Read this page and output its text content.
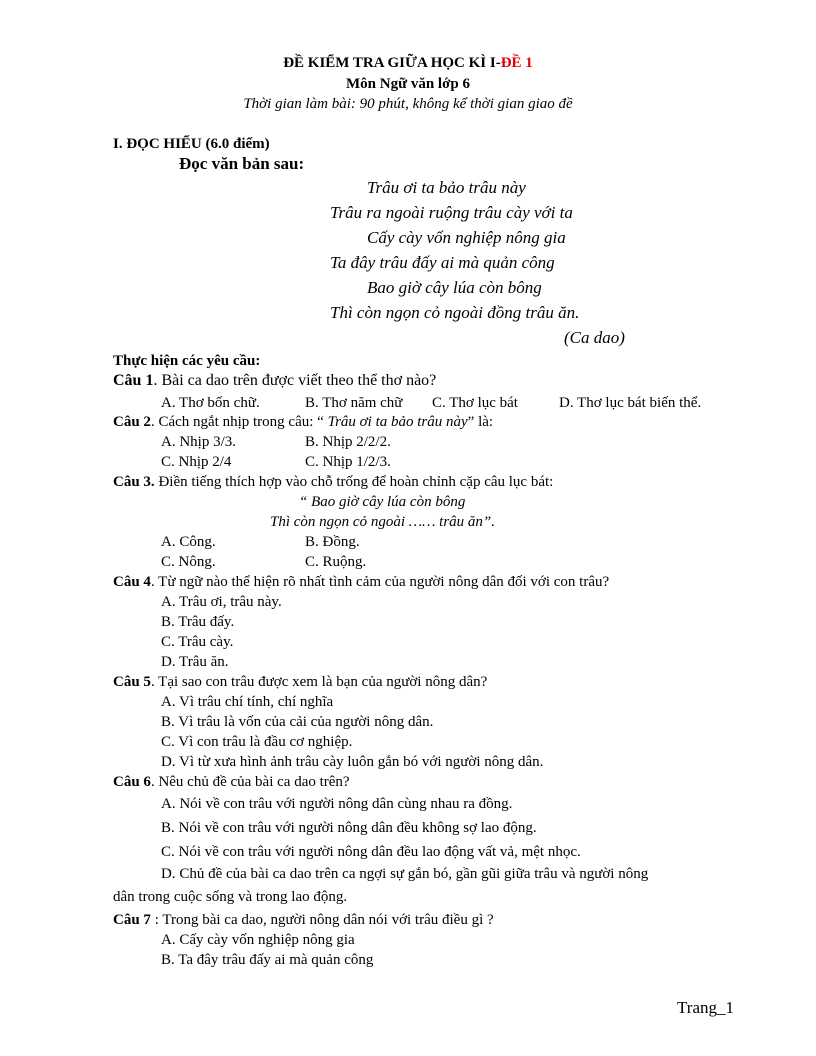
ĐỀ KIỂM TRA GIỮA HỌC KÌ I-ĐỀ 1
Môn Ngữ văn lớp 6
Thời gian làm bài: 90 phút, không kể thời gian giao đề
I. ĐỌC HIỂU (6.0 điểm)
Đọc văn bản sau:
Trâu ơi ta bảo trâu này
Trâu ra ngoài ruộng trâu cày với ta
Cấy cày vốn nghiệp nông gia
Ta đây trâu đấy ai mà quản công
Bao giờ cây lúa còn bông
Thì còn ngọn cỏ ngoài đồng trâu ăn.
(Ca dao)
Thực hiện các yêu cầu:
Câu 1. Bài ca dao trên được viết theo thể thơ nào?
A. Thơ bốn chữ.	B. Thơ năm chữ C. Thơ lục bát	D. Thơ lục bát biến thể.
Câu 2. Cách ngắt nhịp trong câu: “ Trâu ơi ta bảo trâu này” là:
A. Nhịp 3/3.	B. Nhịp 2/2/2.
C. Nhịp 2/4	C. Nhịp 1/2/3.
Câu 3. Điền tiếng thích hợp vào chỗ trống để hoàn chỉnh cặp câu lục bát:
“ Bao giờ cây lúa còn bông
Thì còn ngọn cỏ ngoài …… trâu ăn”.
A. Công.	B. Đồng.
C. Nông.	C. Ruộng.
Câu 4. Từ ngữ nào thể hiện rõ nhất tình cảm của người nông dân đối với con trâu?
A. Trâu ơi, trâu này.
B. Trâu đấy.
C. Trâu cày.
D. Trâu ăn.
Câu 5. Tại sao con trâu được xem là bạn của người nông dân?
A. Vì trâu chí tính, chí nghĩa
B. Vì trâu là vốn của cải của người nông dân.
C. Vì con trâu là đầu cơ nghiệp.
D. Vì từ xưa hình ảnh trâu cày luôn gắn bó với người nông dân.
Câu 6. Nêu chủ đề của bài ca dao trên?
A. Nói về con trâu với người nông dân cùng nhau ra đồng.
B. Nói về con trâu với người nông dân đều không sợ lao động.
C. Nói về con trâu với người nông dân đều lao động vất vả, mệt nhọc.
D. Chủ đề của bài ca dao trên ca ngợi sự gắn bó, gần gũi giữa trâu và người nông
dân trong cuộc sống và trong lao động.
Câu 7 : Trong bài ca dao, người nông dân nói với trâu điều gì ?
A. Cấy cày vốn nghiệp nông gia
B. Ta đây trâu đấy ai mà quản công
Trang_1
